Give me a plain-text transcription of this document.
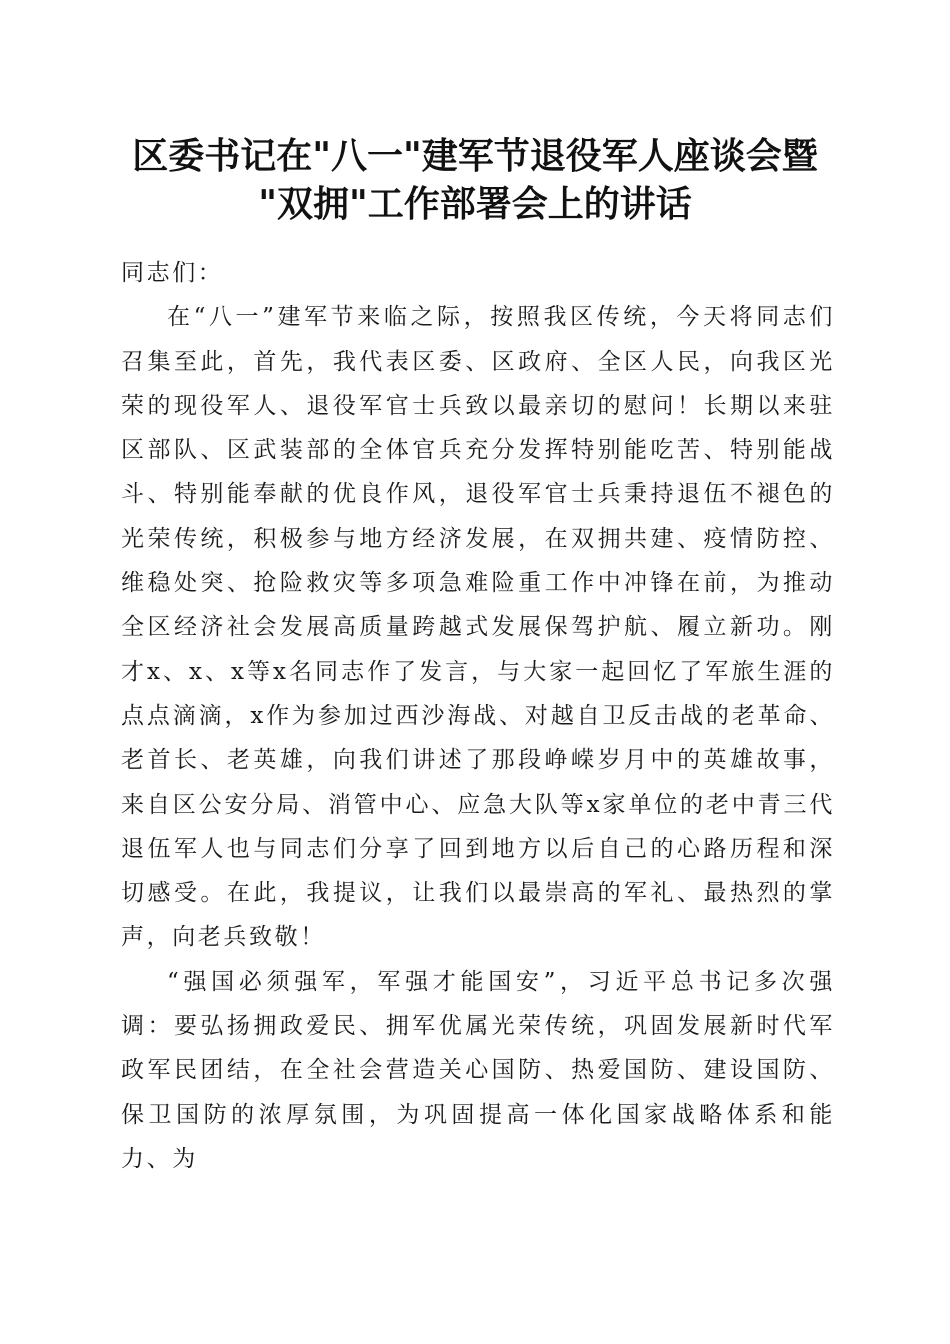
区委书记在"八一"建军节退役军人座谈会暨
"双拥"工作部署会上的讲话

同志们：

在“八一”建军节来临之际，按照我区传统，今天将同志们召集至此，首先，我代表区委、区政府、全区人民，向我区光荣的现役军人、退役军官士兵致以最亲切的慰问！长期以来驻区部队、区武装部的全体官兵充分发挥特别能吃苦、特别能战斗、特别能奉献的优良作风，退役军官士兵秉持退伍不褪色的光荣传统，积极参与地方经济发展，在双拥共建、疫情防控、维稳处突、抢险救灾等多项急难险重工作中冲锋在前，为推动全区经济社会发展高质量跨越式发展保驾护航、履立新功。刚才x、x、x等x名同志作了发言，与大家一起回忆了军旅生涯的点点滴滴，x作为参加过西沙海战、对越自卫反击战的老革命、老首长、老英雄，向我们讲述了那段峥嵘岁月中的英雄故事，来自区公安分局、消管中心、应急大队等x家单位的老中青三代退伍军人也与同志们分享了回到地方以后自己的心路历程和深切感受。在此，我提议，让我们以最崇高的军礼、最热烈的掌声，向老兵致敬！

“强国必须强军，军强才能国安”，习近平总书记多次强调：要弘扬拥政爱民、拥军优属光荣传统，巩固发展新时代军政军民团结，在全社会营造关心国防、热爱国防、建设国防、保卫国防的浓厚氛围，为巩固提高一体化国家战略体系和能力、为
